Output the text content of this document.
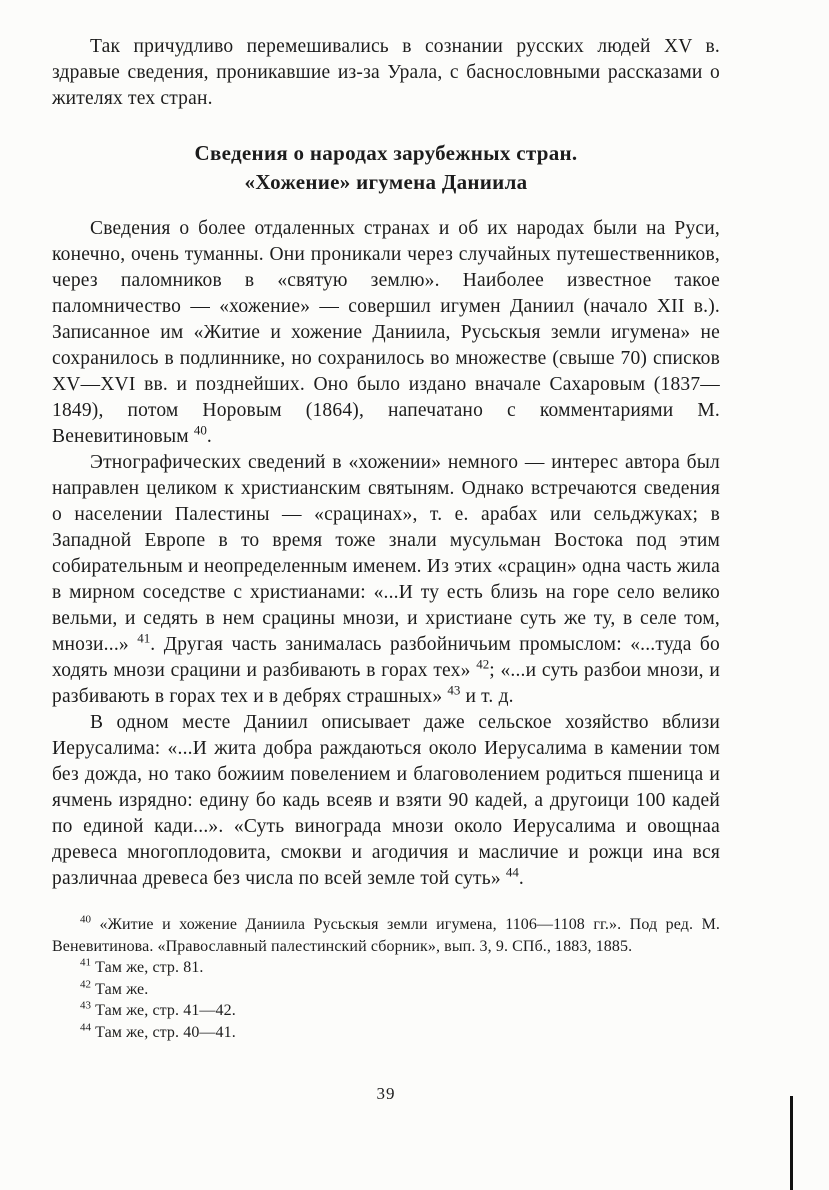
Так причудливо перемешивались в сознании русских людей XV в. здравые сведения, проникавшие из-за Урала, с баснословными рассказами о жителях тех стран.

Сведения о народах зарубежных стран.
«Хожение» игумена Даниила

Сведения о более отдаленных странах и об их народах были на Руси, конечно, очень туманны. Они проникали через случайных путешественников, через паломников в «святую землю». Наиболее известное такое паломничество — «хожение» — совершил игумен Даниил (начало XII в.). Записанное им «Житие и хожение Даниила, Русьскыя земли игумена» не сохранилось в подлиннике, но сохранилось во множестве (свыше 70) списков XV—XVI вв. и позднейших. Оно было издано вначале Сахаровым (1837—1849), потом Норовым (1864), напечатано с комментариями М. Веневитиновым $^{40}$.

Этнографических сведений в «хожении» немного — интерес автора был направлен целиком к христианским святыням. Однако встречаются сведения о населении Палестины — «срацинах», т. е. арабах или сельджуках; в Западной Европе в то время тоже знали мусульман Востока под этим собирательным и неопределенным именем. Из этих «срацин» одна часть жила в мирном соседстве с христианами: «...И ту есть близь на горе село велико вельми, и седять в нем срацины мнози, и христиане суть же ту, в селе том, мнози...» $^{41}$. Другая часть занималась разбойничьим промыслом: «...туда бо ходять мнози срацини и разбивають в горах тех» $^{42}$; «...и суть разбои мнози, и разбивають в горах тех и в дебрях страшных» $^{43}$ и т. д.

В одном месте Даниил описывает даже сельское хозяйство вблизи Иерусалима: «...И жита добра раждаються около Иерусалима в камении том без дожда, но тако божиим повелением и благоволением родиться пшеница и ячмень изрядно: едину бо кадь всеяв и взяти 90 кадей, а другоици 100 кадей по единой кади...». «Суть винограда мнози около Иерусалима и овощнаа древеса многоплодовита, смокви и агодичия и масличие и рожци ина вся различнаа древеса без числа по всей земле той суть» $^{44}$.

$^{40}$ «Житие и хожение Даниила Русьскыя земли игумена, 1106—1108 гг.». Под ред. М. Веневитинова. «Православный палестинский сборник», вып. 3, 9. СПб., 1883, 1885.

$^{41}$ Там же, стр. 81.

$^{42}$ Там же.

$^{43}$ Там же, стр. 41—42.

$^{44}$ Там же, стр. 40—41.

39
